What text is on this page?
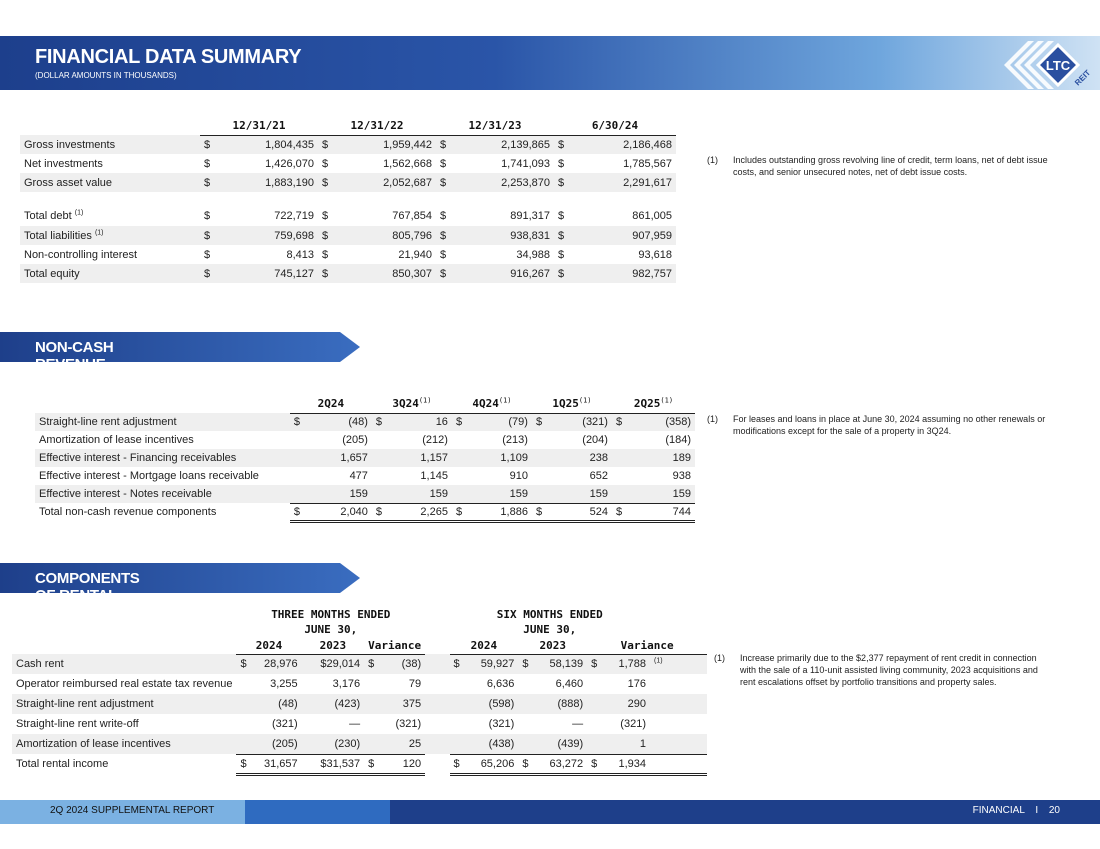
FINANCIAL DATA SUMMARY
(DOLLAR AMOUNTS IN THOUSANDS)
LTC
REIT
	12/31/21		12/31/22		12/31/23		6/30/24	
Gross investments	$	1,804,435	$	1,959,442	$	2,139,865	$	2,186,468
Net investments	$	1,426,070	$	1,562,668	$	1,741,093	$	1,785,567
Gross asset value	$	1,883,190	$	2,052,687	$	2,253,870	$	2,291,617

Total debt $^{(1)}$	$	722,719	$	767,854	$	891,317	$	861,005
Total liabilities $^{(1)}$	$	759,698	$	805,796	$	938,831	$	907,959
Non-controlling interest	$	8,413	$	21,940	$	34,988	$	93,618
Total equity	$	745,127	$	850,307	$	916,267	$	982,757
(1) Includes outstanding gross revolving line of credit, term loans, net of debt issue costs, and senior unsecured notes, net of debt issue costs.
NON-CASH REVENUE COMPONENTS
	2Q24		3Q24$^{(1)}$		4Q24$^{(1)}$		1Q25$^{(1)}$		2Q25$^{(1)}$
Straight-line rent adjustment	$	(48)	$	16	$	(79)	$	(321)	$	(358)
Amortization of lease incentives		(205)		(212)		(213)		(204)		(184)
Effective interest - Financing receivables		1,657		1,157		1,109		238		189
Effective interest - Mortgage loans receivable		477		1,145		910		652		938
Effective interest - Notes receivable		159		159		159		159		159
Total non-cash revenue components	$	2,040	$	2,265	$	1,886	$	524	$	744
(1) For leases and loans in place at June 30, 2024 assuming no other renewals or modifications except for the sale of a property in 3Q24.
COMPONENTS OF RENTAL INCOME
		THREE MONTHS ENDED						SIX MONTHS ENDED						
	JUNE 30,						JUNE 30,						
	2024		2023	Variance			2024		2023		Variance		
Cash rent	$	28,976	$29,014	$	(38)		$	59,927	$	58,139	$	1,788	$^{(1)}$
Operator reimbursed real estate tax revenue		3,255	3,176		79			6,636		6,460		176	
Straight-line rent adjustment		(48)	(423)		375			(598)		(888)		290	
Straight-line rent write-off		(321)	—		(321)			(321)		—		(321)	
Amortization of lease incentives		(205)	(230)		25			(438)		(439)		1	
Total rental income	$	31,657	$31,537	$	120		$	65,206	$	63,272	$	1,934	
(1) Increase primarily due to the $2,377 repayment of rent credit in connection with the sale of a 110-unit assisted living community, 2023 acquisitions and rent escalations offset by portfolio transitions and property sales.
2Q 2024 SUPPLEMENTAL REPORT	FINANCIAL I 20
